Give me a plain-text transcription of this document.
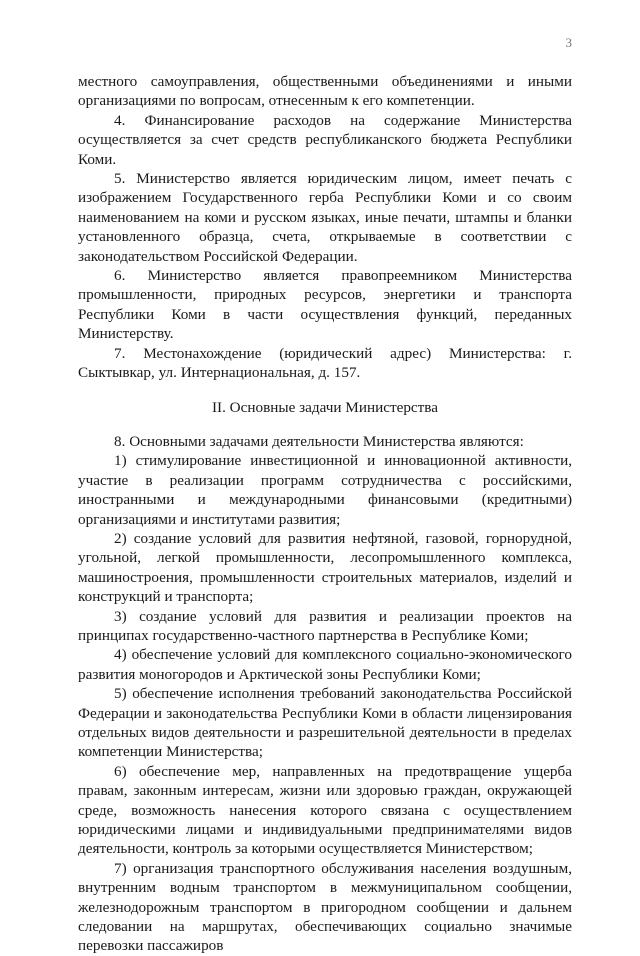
3

местного самоуправления, общественными объединениями и иными организациями по вопросам, отнесенным к его компетенции.

4. Финансирование расходов на содержание Министерства осуществляется за счет средств республиканского бюджета Республики Коми.

5. Министерство является юридическим лицом, имеет печать с изображением Государственного герба Республики Коми и со своим наименованием на коми и русском языках, иные печати, штампы и бланки установленного образца, счета, открываемые в соответствии с законодательством Российской Федерации.

6. Министерство является правопреемником Министерства промышленности, природных ресурсов, энергетики и транспорта Республики Коми в части осуществления функций, переданных Министерству.

7. Местонахождение (юридический адрес) Министерства: г. Сыктывкар, ул. Интернациональная, д. 157.

II. Основные задачи Министерства

8. Основными задачами деятельности Министерства являются:

1) стимулирование инвестиционной и инновационной активности, участие в реализации программ сотрудничества с российскими, иностранными и международными финансовыми (кредитными) организациями и институтами развития;

2) создание условий для развития нефтяной, газовой, горнорудной, угольной, легкой промышленности, лесопромышленного комплекса, машиностроения, промышленности строительных материалов, изделий и конструкций и транспорта;

3) создание условий для развития и реализации проектов на принципах государственно-частного партнерства в Республике Коми;

4) обеспечение условий для комплексного социально-экономического развития моногородов и Арктической зоны Республики Коми;

5) обеспечение исполнения требований законодательства Российской Федерации и законодательства Республики Коми в области лицензирования отдельных видов деятельности и разрешительной деятельности в пределах компетенции Министерства;

6) обеспечение мер, направленных на предотвращение ущерба правам, законным интересам, жизни или здоровью граждан, окружающей среде, возможность нанесения которого связана с осуществлением юридическими лицами и индивидуальными предпринимателями видов деятельности, контроль за которыми осуществляется Министерством;

7) организация транспортного обслуживания населения воздушным, внутренним водным транспортом в межмуниципальном сообщении, железнодорожным транспортом в пригородном сообщении и дальнем следовании на маршрутах, обеспечивающих социально значимые перевозки пассажиров
